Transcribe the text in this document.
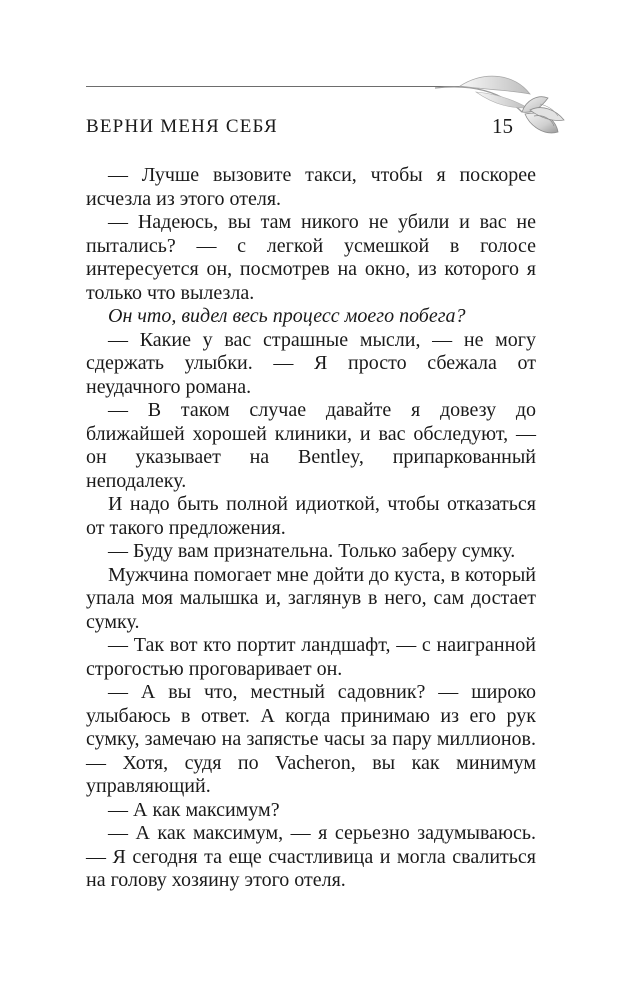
ВЕРНИ МЕНЯ СЕБЯ	15

— Лучше вызовите такси, чтобы я поскорее исчезла из этого отеля.

— Надеюсь, вы там никого не убили и вас не пытались? — с легкой усмешкой в голосе интересуется он, посмотрев на окно, из которого я только что вылезла.

Он что, видел весь процесс моего побега?

— Какие у вас страшные мысли, — не могу сдержать улыбки. — Я просто сбежала от неудачного романа.

— В таком случае давайте я довезу до ближайшей хорошей клиники, и вас обследуют, — он указывает на Bentley, припаркованный неподалеку.

И надо быть полной идиоткой, чтобы отказаться от такого предложения.

— Буду вам признательна. Только заберу сумку.

Мужчина помогает мне дойти до куста, в который упала моя малышка и, заглянув в него, сам достает сумку.

— Так вот кто портит ландшафт, — с наигранной строгостью проговаривает он.

— А вы что, местный садовник? — широко улыбаюсь в ответ. А когда принимаю из его рук сумку, замечаю на запястье часы за пару миллионов. — Хотя, судя по Vacheron, вы как минимум управляющий.

— А как максимум?

— А как максимум, — я серьезно задумываюсь. — Я сегодня та еще счастливица и могла свалиться на голову хозяину этого отеля.
